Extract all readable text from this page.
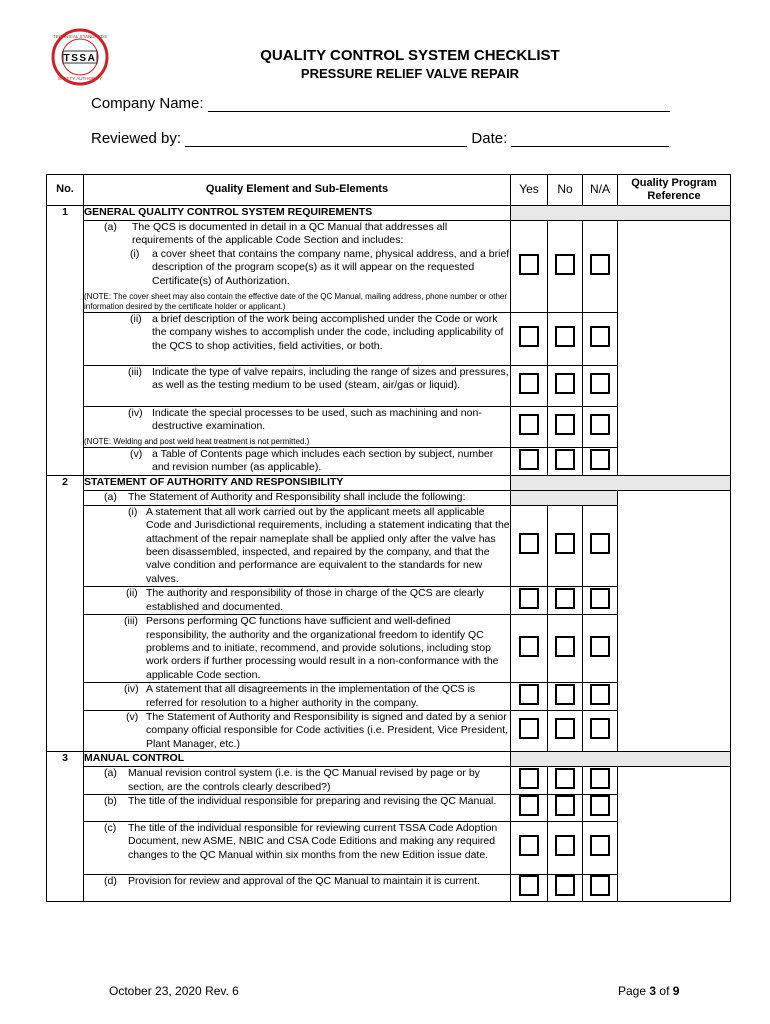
TSSA
TECHNICAL STANDARDS
SAFETY AUTHORITY
QUALITY CONTROL SYSTEM CHECKLIST
PRESSURE RELIEF VALVE REPAIR
Company Name:
Reviewed by:	Date:
No.	Quality Element and Sub-Elements	Yes	No	N/A	Quality Program Reference
1	GENERAL QUALITY CONTROL SYSTEM REQUIREMENTS				

	(a) The QCS is documented in detail in a QC Manual that addresses all requirements of the applicable Code Section and includes:
(i) a cover sheet that contains the company name, physical address, and a brief description of the program scope(s) as it will appear on the requested Certificate(s) of Authorization.
(NOTE: The cover sheet may also contain the effective date of the QC Manual, mailing address, phone number or other information desired by the certificate holder or applicant.)				

	(ii) a brief description of the work being accomplished under the Code or work the company wishes to accomplish under the code, including applicability of the QCS to shop activities, field activities, or both.				

	(iii) Indicate the type of valve repairs, including the range of sizes and pressures, as well as the testing medium to be used (steam, air/gas or liquid).				

	(iv) Indicate the special processes to be used, such as machining and non-destructive examination.
(NOTE: Welding and post weld heat treatment is not permitted.)				

	(v) a Table of Contents page which includes each section by subject, number and revision number (as applicable).				

2	STATEMENT OF AUTHORITY AND RESPONSIBILITY				

	(a) The Statement of Authority and Responsibility shall include the following:				

	(i) A statement that all work carried out by the applicant meets all applicable Code and Jurisdictional requirements, including a statement indicating that the attachment of the repair nameplate shall be applied only after the valve has been disassembled, inspected, and repaired by the company, and that the valve condition and performance are equivalent to the standards for new valves.				

	(ii) The authority and responsibility of those in charge of the QCS are clearly established and documented.				

	(iii) Persons performing QC functions have sufficient and well-defined responsibility, the authority and the organizational freedom to identify QC problems and to initiate, recommend, and provide solutions, including stop work orders if further processing would result in a non-conformance with the applicable Code section.				

	(iv) A statement that all disagreements in the implementation of the QCS is referred for resolution to a higher authority in the company.				

	(v) The Statement of Authority and Responsibility is signed and dated by a senior company official responsible for Code activities (i.e. President, Vice President, Plant Manager, etc.)				

3	MANUAL CONTROL				

	(a) Manual revision control system (i.e. is the QC Manual revised by page or by section, are the controls clearly described?)				

	(b) The title of the individual responsible for preparing and revising the QC Manual.				

	(c) The title of the individual responsible for reviewing current TSSA Code Adoption Document, new ASME, NBIC and CSA Code Editions and making any required changes to the QC Manual within six months from the new Edition issue date.				

	(d) Provision for review and approval of the QC Manual to maintain it is current.				

October 23, 2020 Rev. 6	Page 3 of 9
